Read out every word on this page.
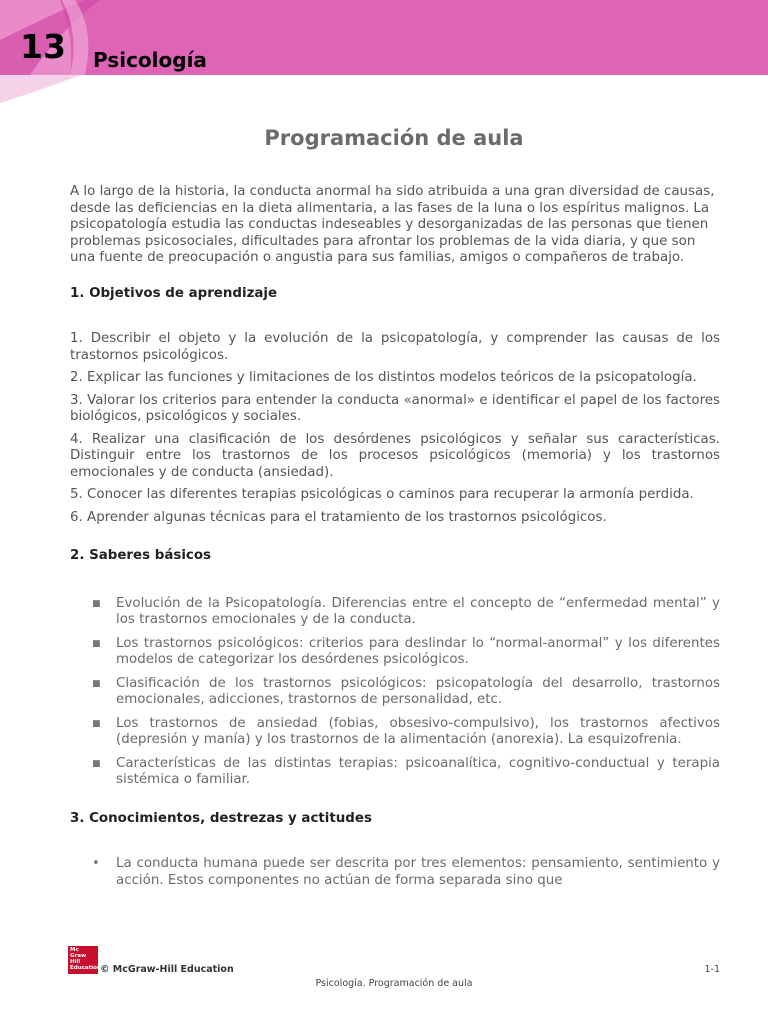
13 Psicología
Programación de aula

A lo largo de la historia, la conducta anormal ha sido atribuida a una gran diversidad de causas, desde las deficiencias en la dieta alimentaria, a las fases de la luna o los espíritus malignos. La psicopatología estudia las conductas indeseables y desorganizadas de las personas que tienen problemas psicosociales, dificultades para afrontar los problemas de la vida diaria, y que son una fuente de preocupación o angustia para sus familias, amigos o compañeros de trabajo.

1. Objetivos de aprendizaje
1. Describir el objeto y la evolución de la psicopatología, y comprender las causas de los trastornos psicológicos.
2. Explicar las funciones y limitaciones de los distintos modelos teóricos de la psicopatología.
3. Valorar los criterios para entender la conducta «anormal» e identificar el papel de los factores biológicos, psicológicos y sociales.
4. Realizar una clasificación de los desórdenes psicológicos y señalar sus características. Distinguir entre los trastornos de los procesos psicológicos (memoria) y los trastornos emocionales y de conducta (ansiedad).
5. Conocer las diferentes terapias psicológicas o caminos para recuperar la armonía perdida.
6. Aprender algunas técnicas para el tratamiento de los trastornos psicológicos.
2. Saberes básicos
■ Evolución de la Psicopatología. Diferencias entre el concepto de “enfermedad mental” y los trastornos emocionales y de la conducta.
■ Los trastornos psicológicos: criterios para deslindar lo “normal-anormal” y los diferentes modelos de categorizar los desórdenes psicológicos.
■ Clasificación de los trastornos psicológicos: psicopatología del desarrollo, trastornos emocionales, adicciones, trastornos de personalidad, etc.
■ Los trastornos de ansiedad (fobias, obsesivo-compulsivo), los trastornos afectivos (depresión y manía) y los trastornos de la alimentación (anorexia). La esquizofrenia.
■ Características de las distintas terapias: psicoanalítica, cognitivo-conductual y terapia sistémica o familiar.
3. Conocimientos, destrezas y actitudes
• La conducta humana puede ser descrita por tres elementos: pensamiento, sentimiento y acción. Estos componentes no actúan de forma separada sino que
Mc
Graw
Hill
Education © McGraw-Hill Education	1-1
Psicología. Programación de aula
